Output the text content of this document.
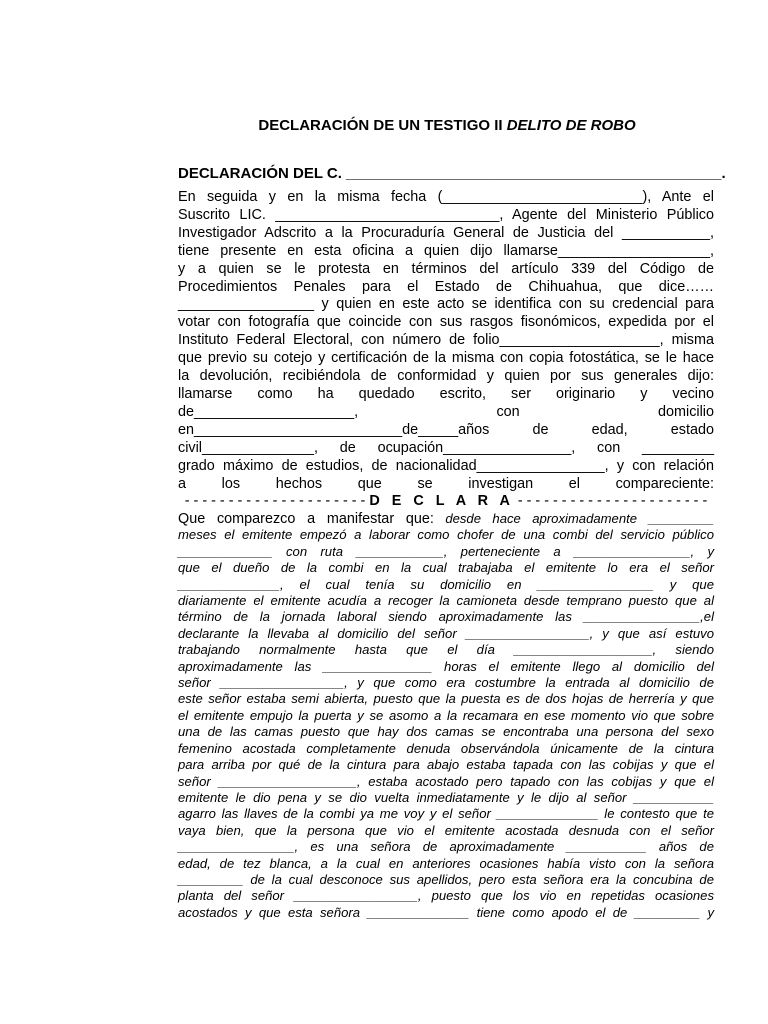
DECLARACIÓN DE UN TESTIGO II DELITO DE ROBO
DECLARACIÓN DEL C. _____________________________________________.

En seguida y en la misma fecha (_________________________), Ante el

Suscrito LIC. ____________________________, Agente del Ministerio Público

Investigador Adscrito a la Procuraduría General de Justicia del ___________,

tiene presente en esta oficina a quien dijo llamarse___________________,

y a quien se le protesta en términos del artículo 339 del Código de

Procedimientos Penales para el Estado de Chihuahua, que dice……

_________________ y quien en este acto se identifica con su credencial para

votar con fotografía que coincide con sus rasgos fisonómicos, expedida por el

Instituto Federal Electoral, con número de folio____________________, misma

que previo su cotejo y certificación de la misma con copia fotostática, se le hace

la devolución, recibiéndola de conformidad y quien por sus generales dijo:

llamarse como ha quedado escrito, ser originario y vecino

de____________________, con domicilio

en__________________________de_____años de edad, estado

civil______________, de ocupación________________, con _________

grado máximo de estudios, de nacionalidad________________, y con relación

a los hechos que se investigan el compareciente:

- - - - - - - - - - - - - - - - - - - - - D E C L A R A - - - - - - - - - - - - - - - - - - - - - -

Que comparezco a manifestar que: desde hace aproximadamente _________

meses el emitente empezó a laborar como chofer de una combi del servicio público

_____________ con ruta ____________, perteneciente a ________________, y

que el dueño de la combi en la cual trabajaba el emitente lo era el señor

______________, el cual tenía su domicilio en ________________ y que

diariamente el emitente acudía a recoger la camioneta desde temprano puesto que al

término de la jornada laboral siendo aproximadamente las ________________,el

declarante la llevaba al domicilio del señor _________________, y que así estuvo

trabajando normalmente hasta que el día ___________________, siendo

aproximadamente las _______________ horas el emitente llego al domicilio del

señor _________________, y que como era costumbre la entrada al domicilio de

este señor estaba semi abierta, puesto que la puesta es de dos hojas de herrería y que

el emitente empujo la puerta y se asomo a la recamara en ese momento vio que sobre

una de las camas puesto que hay dos camas se encontraba una persona del sexo

femenino acostada completamente denuda observándola únicamente de la cintura

para arriba por qué de la cintura para abajo estaba tapada con las cobijas y que el

señor ___________________, estaba acostado pero tapado con las cobijas y que el

emitente le dio pena y se dio vuelta inmediatamente y le dijo al señor ___________

agarro las llaves de la combi ya me voy y el señor ______________ le contesto que te

vaya bien, que la persona que vio el emitente acostada desnuda con el señor

________________, es una señora de aproximadamente ___________ años de

edad, de tez blanca, a la cual en anteriores ocasiones había visto con la señora

_________ de la cual desconoce sus apellidos, pero esta señora era la concubina de

planta del señor _________________, puesto que los vio en repetidas ocasiones

acostados y que esta señora ______________ tiene como apodo el de _________ y
